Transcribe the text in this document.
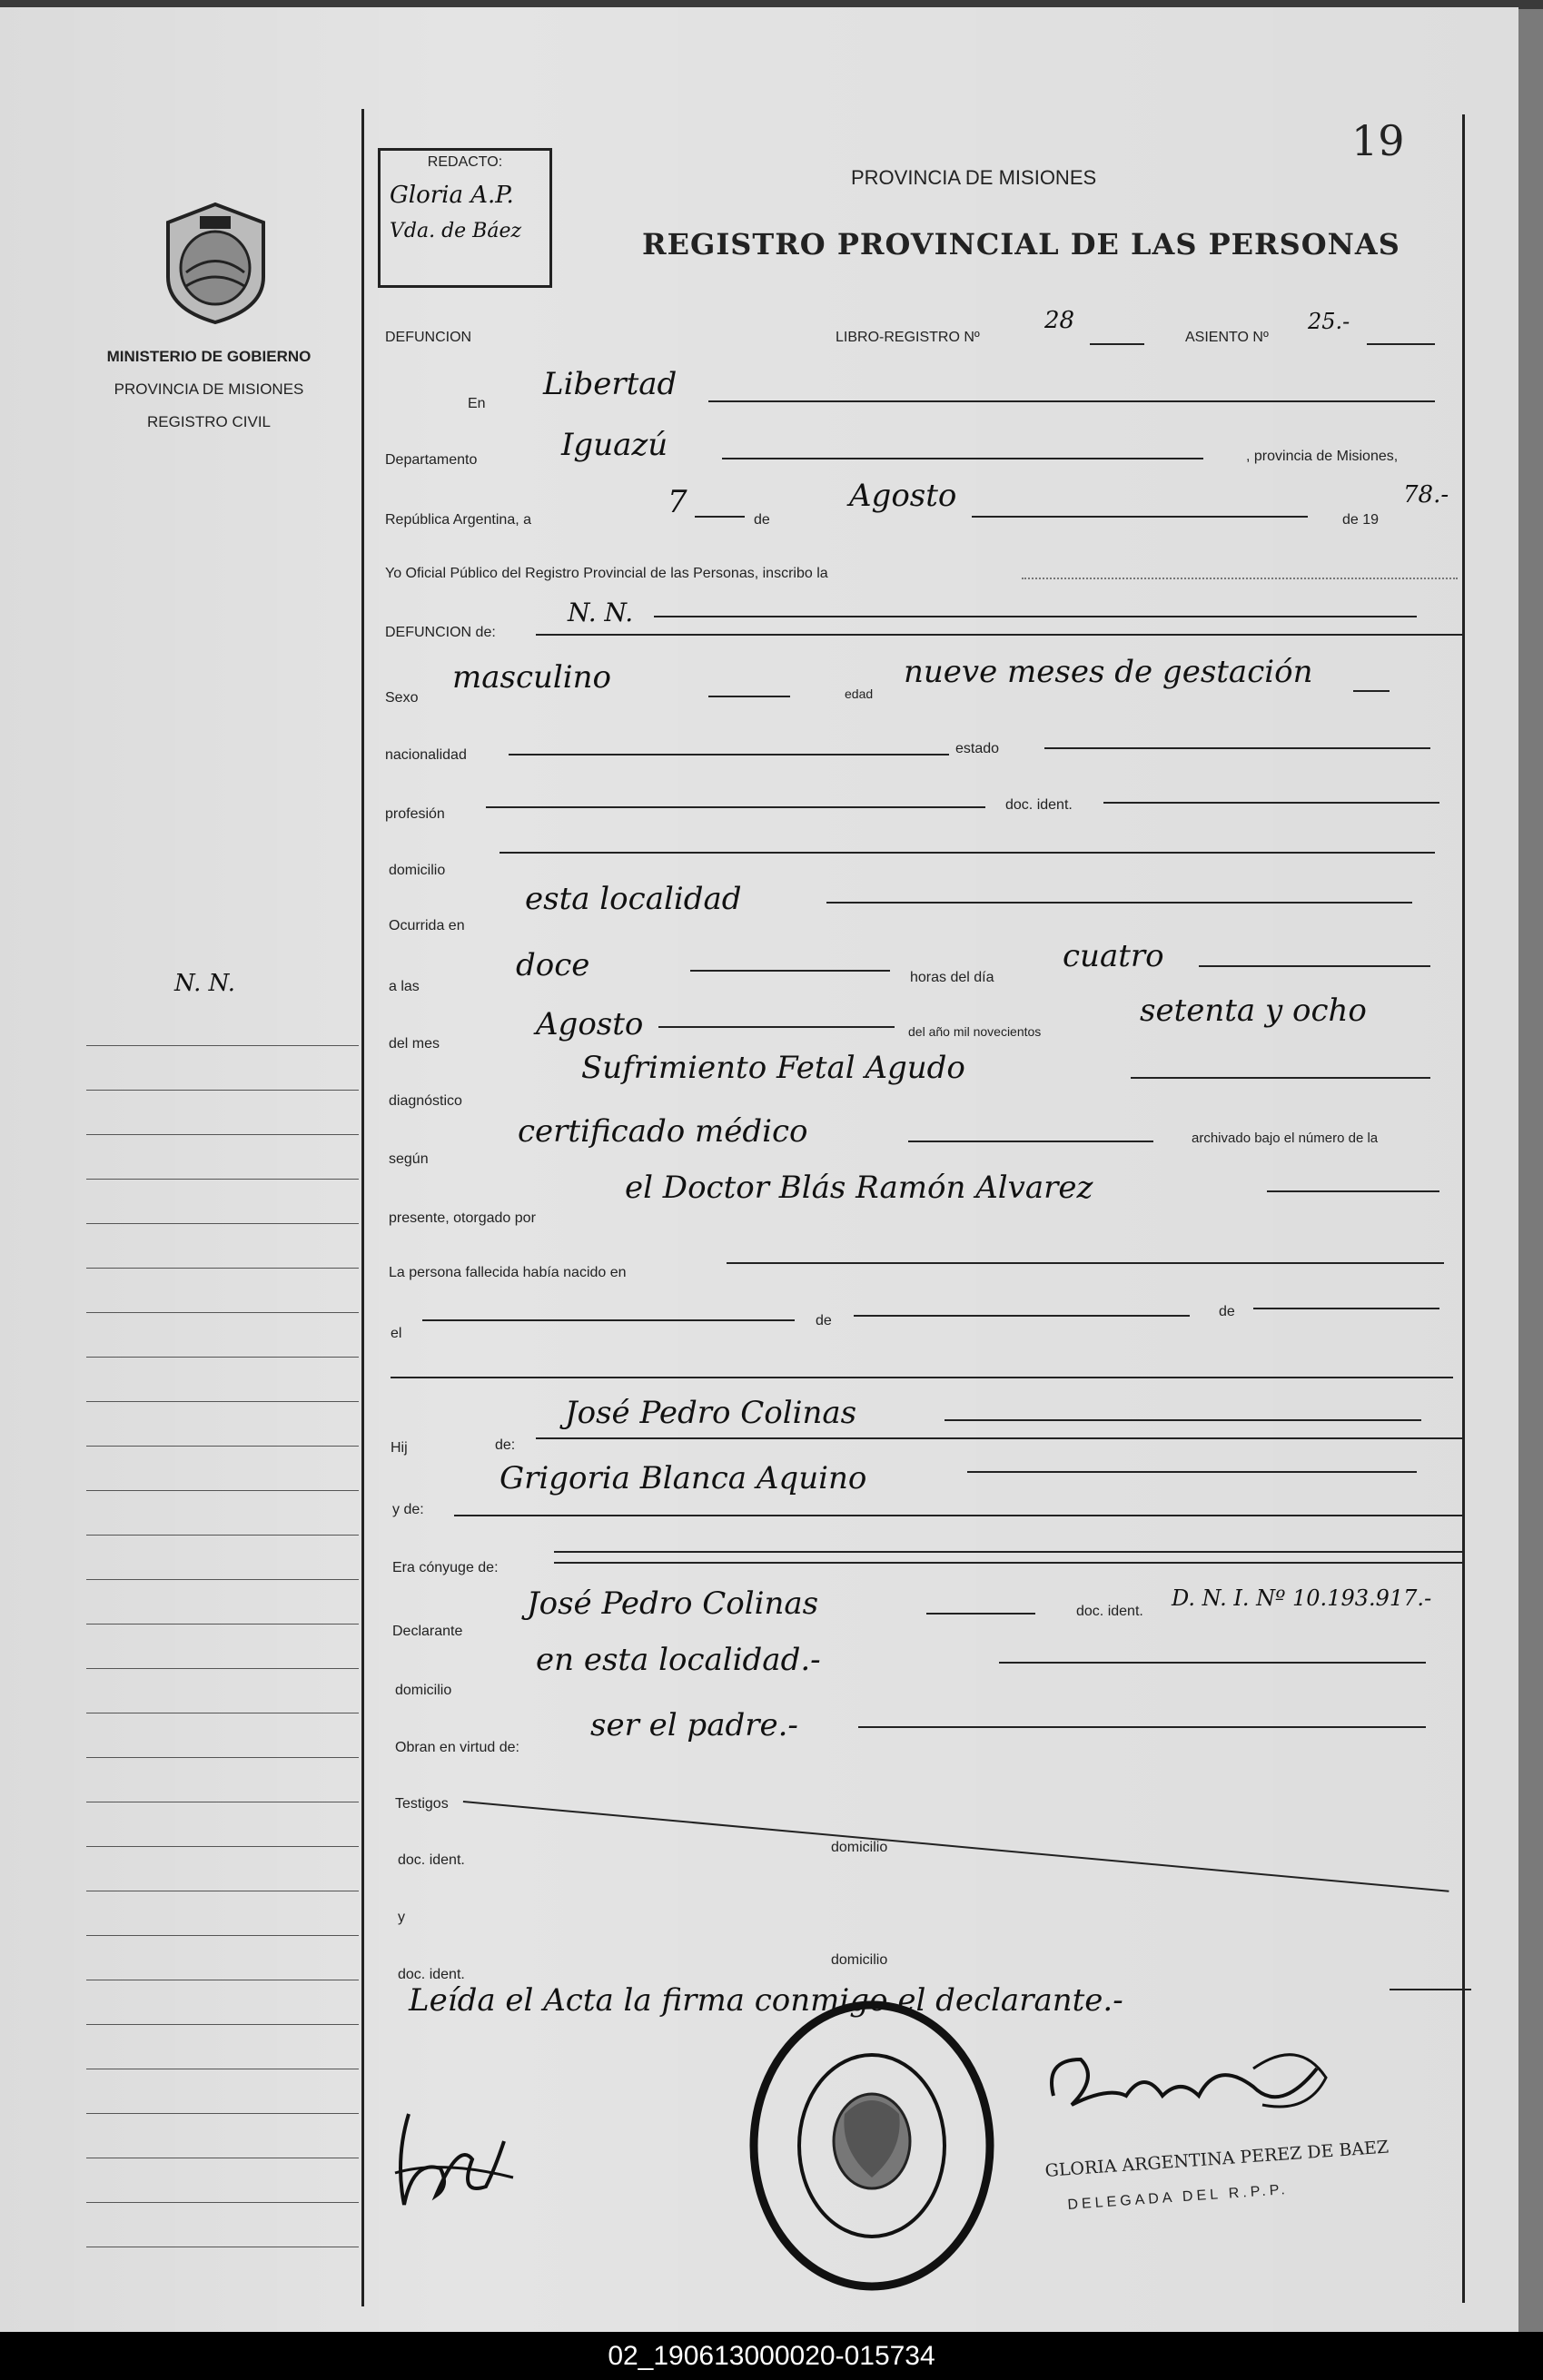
19
MINISTERIO DE GOBIERNO
PROVINCIA DE MISIONES
REGISTRO CIVIL
N. N.
REDACTO:
Gloria A.P.
Vda. de Báez
PROVINCIA DE MISIONES
REGISTRO PROVINCIAL DE LAS PERSONAS
DEFUNCION	LIBRO-REGISTRO Nº
28
ASIENTO Nº
25.-
En
Libertad
Departamento	Iguazú	, provincia de Misiones,
República Argentina, a	7	de
Agosto
de 19
78.-
Yo Oficial Público del Registro Provincial de las Personas, inscribo la
DEFUNCION de:
N. N.
Sexo
masculino	edad
nueve meses de gestación
nacionalidad	estado
profesión
doc. ident.
domicilio
Ocurrida en
esta localidad
a las
doce	horas del día
cuatro
del mes
Agosto	del año mil novecientos
setenta y ocho
diagnóstico
Sufrimiento Fetal Agudo
según
certificado médico	archivado bajo el número de la
presente, otorgado por
el Doctor Blás Ramón Alvarez
La persona fallecida había nacido en
el
de
de
Hij	de:
José Pedro Colinas
y de:
Grigoria Blanca Aquino
Era cónyuge de:
Declarante
José Pedro Colinas	doc. ident.
D. N. I. Nº 10.193.917.-
domicilio
en esta localidad.-
Obran en virtud de:
ser el padre.-
Testigos
doc. ident.
domicilio
y
doc. ident.
domicilio
Leída el Acta la firma conmigo el declarante.-
GLORIA ARGENTINA PEREZ DE BAEZ
DELEGADA DEL R.P.P.
02_190613000020-015734
